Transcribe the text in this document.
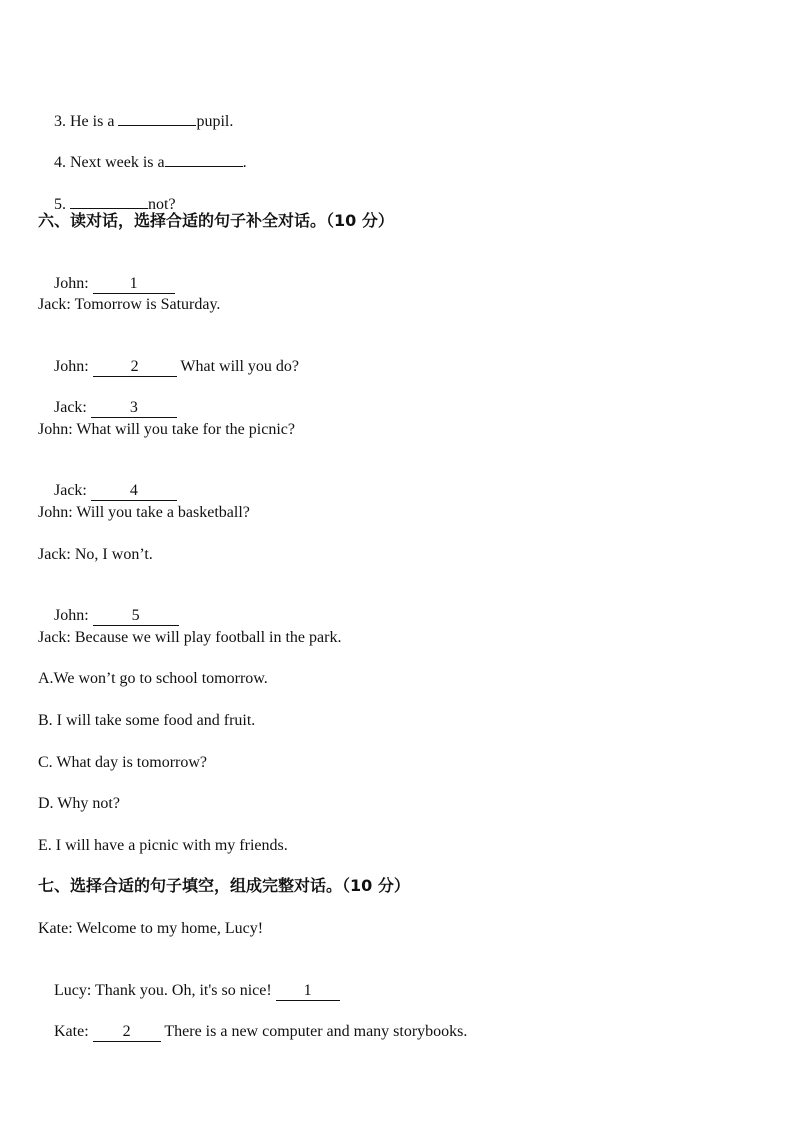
3. He is a	pupil.

4. Next week is a	.

5.	not?

六、读对话，选择合适的句子补全对话。（10 分）

John: 1

Jack: Tomorrow is Saturday.

John: 2 What will you do?

Jack: 3

John: What will you take for the picnic?

Jack: 4

John: Will you take a basketball?
Jack: No, I won’t.

John: 5

Jack: Because we will play football in the park.
A.We won’t go to school tomorrow.
B. I will take some food and fruit.
C. What day is tomorrow?
D. Why not?
E. I will have a picnic with my friends.
七、选择合适的句子填空，组成完整对话。（10 分）
Kate: Welcome to my home, Lucy!

Lucy: Thank you. Oh, it's so nice! 1

Kate: 2 There is a new computer and many storybooks.
